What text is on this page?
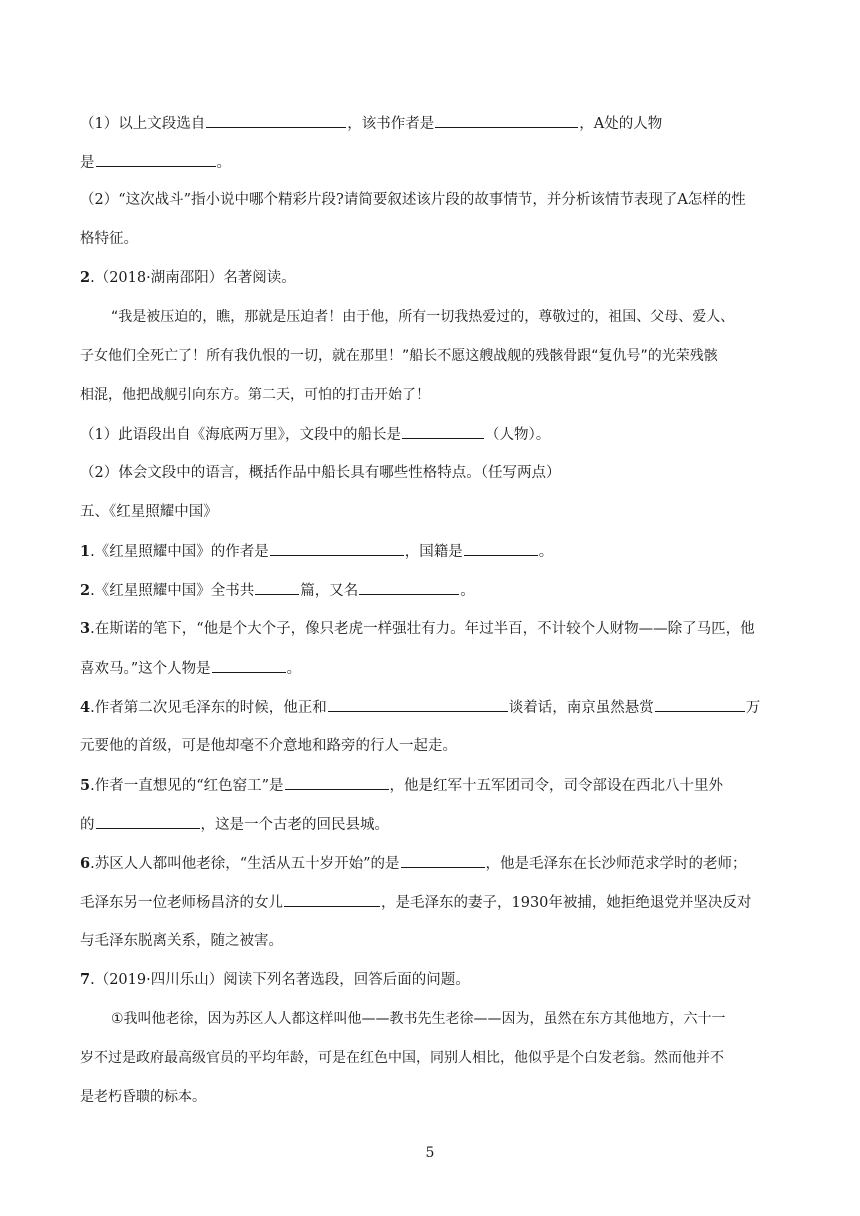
（1）以上文段选自	，该书作者是	，A处的人物
是	。
（2）“这次战斗”指小说中哪个精彩片段?请简要叙述该片段的故事情节，并分析该情节表现了A怎样的性
格特征。
2.（2018·湖南邵阳）名著阅读。
“我是被压迫的，瞧，那就是压迫者！由于他，所有一切我热爱过的，尊敬过的，祖国、父母、爱人、
子女他们全死亡了！所有我仇恨的一切，就在那里！”船长不愿这艘战舰的残骸骨跟“复仇号”的光荣残骸
相混，他把战舰引向东方。第二天，可怕的打击开始了！
（1）此语段出自《海底两万里》，文段中的船长是	（人物）。
（2）体会文段中的语言，概括作品中船长具有哪些性格特点。（任写两点）
五、《红星照耀中国》
1.《红星照耀中国》的作者是	，国籍是	。
2.《红星照耀中国》全书共	篇，又名	。
3.在斯诺的笔下，“他是个大个子，像只老虎一样强壮有力。年过半百，不计较个人财物——除了马匹，他
喜欢马。”这个人物是	。
4.作者第二次见毛泽东的时候，他正和	谈着话，南京虽然悬赏	万
元要他的首级，可是他却毫不介意地和路旁的行人一起走。
5.作者一直想见的“红色窑工”是	，他是红军十五军团司令，司令部设在西北八十里外
的	，这是一个古老的回民县城。
6.苏区人人都叫他老徐，“生活从五十岁开始”的是	，他是毛泽东在长沙师范求学时的老师；
毛泽东另一位老师杨昌济的女儿	，是毛泽东的妻子，1930年被捕，她拒绝退党并坚决反对
与毛泽东脱离关系，随之被害。
7.（2019·四川乐山）阅读下列名著选段，回答后面的问题。
①我叫他老徐，因为苏区人人都这样叫他——教书先生老徐——因为，虽然在东方其他地方，六十一
岁不过是政府最高级官员的平均年龄，可是在红色中国，同别人相比，他似乎是个白发老翁。然而他并不
是老朽昏聩的标本。
5
